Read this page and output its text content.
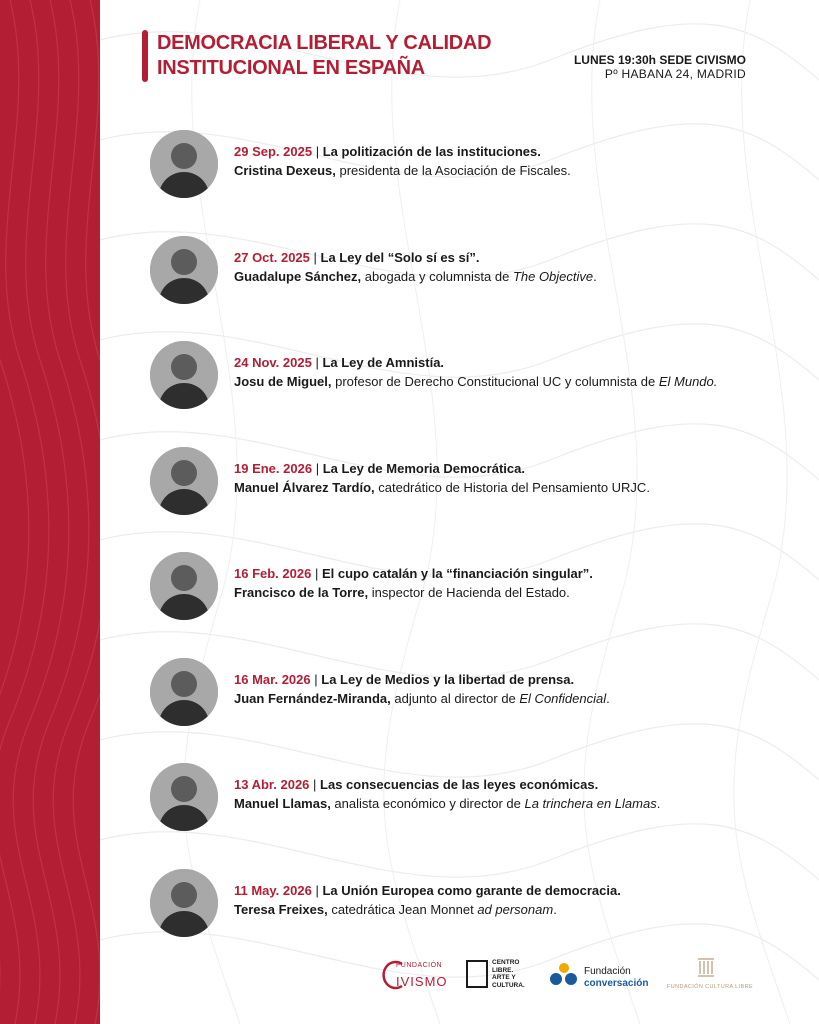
DEMOCRACIA LIBERAL Y CALIDAD
INSTITUCIONAL EN ESPAÑA	LUNES 19:30h SEDE CIVISMO
Pº HABANA 24, MADRID
29 Sep. 2025 | La politización de las instituciones.
Cristina Dexeus, presidenta de la Asociación de Fiscales.
27 Oct. 2025 | La Ley del “Solo sí es sí”.
Guadalupe Sánchez, abogada y columnista de The Objective.
24 Nov. 2025 | La Ley de Amnistía.
Josu de Miguel, profesor de Derecho Constitucional UC y columnista de El Mundo.
19 Ene. 2026 | La Ley de Memoria Democrática.
Manuel Álvarez Tardío, catedrático de Historia del Pensamiento URJC.
16 Feb. 2026 | El cupo catalán y la “financiación singular”.
Francisco de la Torre, inspector de Hacienda del Estado.
16 Mar. 2026 | La Ley de Medios y la libertad de prensa.
Juan Fernández-Miranda, adjunto al director de El Confidencial.
13 Abr. 2026 | Las consecuencias de las leyes económicas.
Manuel Llamas, analista económico y director de La trinchera en Llamas.
11 May. 2026 | La Unión Europea como garante de democracia.
Teresa Freixes, catedrática Jean Monnet ad personam.
FUNDACIÓN
IVISMO
CENTRO
LIBRE.
ARTE Y
CULTURA.
Fundación
conversación	FUNDACIÓN CULTURA LIBRE
